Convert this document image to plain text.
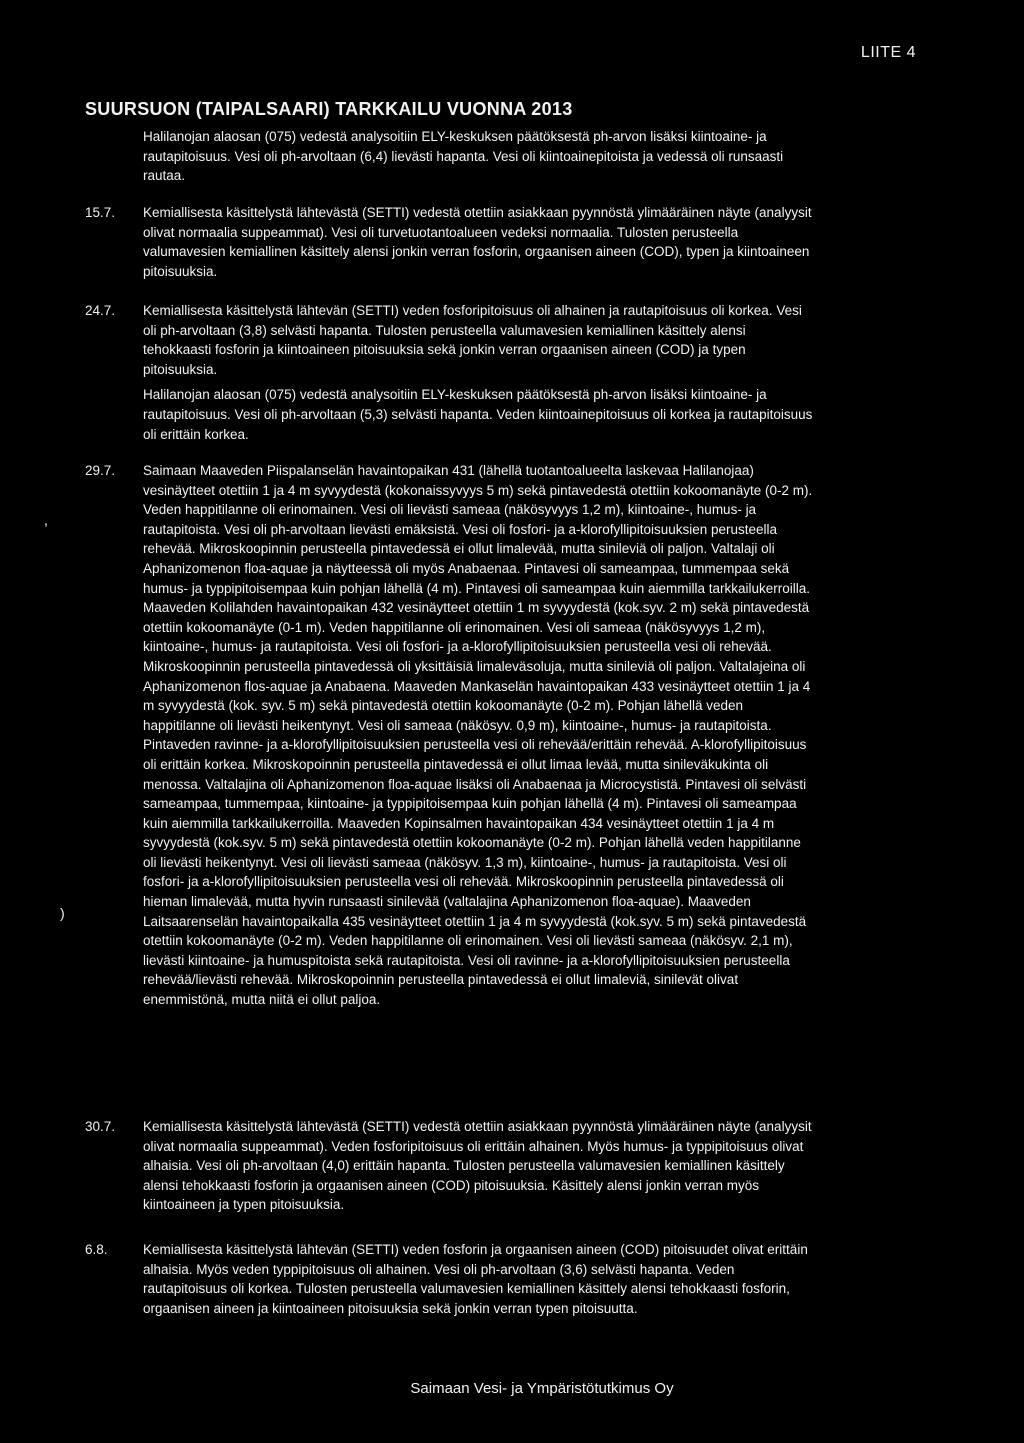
LIITE 4
SUURSUON (TAIPALSAARI) TARKKAILU VUONNA 2013

Halilanojan alaosan (075) vedestä analysoitiin ELY-keskuksen päätöksestä ph-arvon lisäksi kiintoaine- ja rautapitoisuus. Vesi oli ph-arvoltaan (6,4) lievästi hapanta. Vesi oli kiintoainepitoista ja vedessä oli runsaasti rautaa.

15.7. Kemiallisesta käsittelystä lähtevästä (SETTI) vedestä otettiin asiakkaan pyynnöstä ylimääräinen näyte (analyysit olivat normaalia suppeammat). Vesi oli turvetuotantoalueen vedeksi normaalia. Tulosten perusteella valumavesien kemiallinen käsittely alensi jonkin verran fosforin, orgaanisen aineen (COD), typen ja kiintoaineen pitoisuuksia.

24.7. Kemiallisesta käsittelystä lähtevän (SETTI) veden fosforipitoisuus oli alhainen ja rautapitoisuus oli korkea. Vesi oli ph-arvoltaan (3,8) selvästi hapanta. Tulosten perusteella valumavesien kemiallinen käsittely alensi tehokkaasti fosforin ja kiintoaineen pitoisuuksia sekä jonkin verran orgaanisen aineen (COD) ja typen pitoisuuksia.

Halilanojan alaosan (075) vedestä analysoitiin ELY-keskuksen päätöksestä ph-arvon lisäksi kiintoaine- ja rautapitoisuus. Vesi oli ph-arvoltaan (5,3) selvästi hapanta. Veden kiintoainepitoisuus oli korkea ja rautapitoisuus oli erittäin korkea.

29.7. Saimaan Maaveden Piispalanselän havaintopaikan 431 (lähellä tuotantoalueelta laskevaa Halilanojaa) vesinäytteet otettiin 1 ja 4 m syvyydestä (kokonaissyvyys 5 m) sekä pintavedestä otettiin kokoomanäyte (0-2 m). Veden happitilanne oli erinomainen. Vesi oli lievästi sameaa (näkösyvyys 1,2 m), kiintoaine-, humus- ja rautapitoista. Vesi oli ph-arvoltaan lievästi emäksistä. Vesi oli fosfori- ja a-klorofyllipitoisuuksien perusteella rehevää. Mikroskoopinnin perusteella pintavedessä ei ollut limalevää, mutta sinileviä oli paljon. Valtalaji oli Aphanizomenon floa-aquae ja näytteessä oli myös Anabaenaa. Pintavesi oli sameampaa, tummempaa sekä humus- ja typpipitoisempaa kuin pohjan lähellä (4 m). Pintavesi oli sameampaa kuin aiemmilla tarkkailukerroilla. Maaveden Kolilahden havaintopaikan 432 vesinäytteet otettiin 1 m syvyydestä (kok.syv. 2 m) sekä pintavedestä otettiin kokoomanäyte (0-1 m). Veden happitilanne oli erinomainen. Vesi oli sameaa (näkösyvyys 1,2 m), kiintoaine-, humus- ja rautapitoista. Vesi oli fosfori- ja a-klorofyllipitoisuuksien perusteella vesi oli rehevää. Mikroskoopinnin perusteella pintavedessä oli yksittäisiä limaleväsoluja, mutta sinileviä oli paljon. Valtalajeina oli Aphanizomenon flos-aquae ja Anabaena. Maaveden Mankaselän havaintopaikan 433 vesinäytteet otettiin 1 ja 4 m syvyydestä (kok. syv. 5 m) sekä pintavedestä otettiin kokoomanäyte (0-2 m). Pohjan lähellä veden happitilanne oli lievästi heikentynyt. Vesi oli sameaa (näkösyv. 0,9 m), kiintoaine-, humus- ja rautapitoista. Pintaveden ravinne- ja a-klorofyllipitoisuuksien perusteella vesi oli rehevää/erittäin rehevää. A-klorofyllipitoisuus oli erittäin korkea. Mikroskopoinnin perusteella pintavedessä ei ollut limaa levää, mutta sinileväkukinta oli menossa. Valtalajina oli Aphanizomenon floa-aquae lisäksi oli Anabaenaa ja Microcystistä. Pintavesi oli selvästi sameampaa, tummempaa, kiintoaine- ja typpipitoisempaa kuin pohjan lähellä (4 m). Pintavesi oli sameampaa kuin aiemmilla tarkkailukerroilla. Maaveden Kopinsalmen havaintopaikan 434 vesinäytteet otettiin 1 ja 4 m syvyydestä (kok.syv. 5 m) sekä pintavedestä otettiin kokoomanäyte (0-2 m). Pohjan lähellä veden happitilanne oli lievästi heikentynyt. Vesi oli lievästi sameaa (näkösyv. 1,3 m), kiintoaine-, humus- ja rautapitoista. Vesi oli fosfori- ja a-klorofyllipitoisuuksien perusteella vesi oli rehevää. Mikroskoopinnin perusteella pintavedessä oli hieman limalevää, mutta hyvin runsaasti sinilevää (valtalajina Aphanizomenon floa-aquae). Maaveden Laitsaarenselän havaintopaikalla 435 vesinäytteet otettiin 1 ja 4 m syvyydestä (kok.syv. 5 m) sekä pintavedestä otettiin kokoomanäyte (0-2 m). Veden happitilanne oli erinomainen. Vesi oli lievästi sameaa (näkösyv. 2,1 m), lievästi kiintoaine- ja humuspitoista sekä rautapitoista. Vesi oli ravinne- ja a-klorofyllipitoisuuksien perusteella rehevää/lievästi rehevää. Mikroskopoinnin perusteella pintavedessä ei ollut limaleviä, sinilevät olivat enemmistönä, mutta niitä ei ollut paljoa.

30.7. Kemiallisesta käsittelystä lähtevästä (SETTI) vedestä otettiin asiakkaan pyynnöstä ylimääräinen näyte (analyysit olivat normaalia suppeammat). Veden fosforipitoisuus oli erittäin alhainen. Myös humus- ja typpipitoisuus olivat alhaisia. Vesi oli ph-arvoltaan (4,0) erittäin hapanta. Tulosten perusteella valumavesien kemiallinen käsittely alensi tehokkaasti fosforin ja orgaanisen aineen (COD) pitoisuuksia. Käsittely alensi jonkin verran myös kiintoaineen ja typen pitoisuuksia.

6.8.	Kemiallisesta käsittelystä lähtevän (SETTI) veden fosforin ja orgaanisen aineen (COD) pitoisuudet olivat erittäin alhaisia. Myös veden typpipitoisuus oli alhainen. Vesi oli ph-arvoltaan (3,6) selvästi hapanta. Veden rautapitoisuus oli korkea. Tulosten perusteella valumavesien kemiallinen käsittely alensi tehokkaasti fosforin, orgaanisen aineen ja kiintoaineen pitoisuuksia sekä jonkin verran typen pitoisuutta.

,
)
Saimaan Vesi- ja Ympäristötutkimus Oy
